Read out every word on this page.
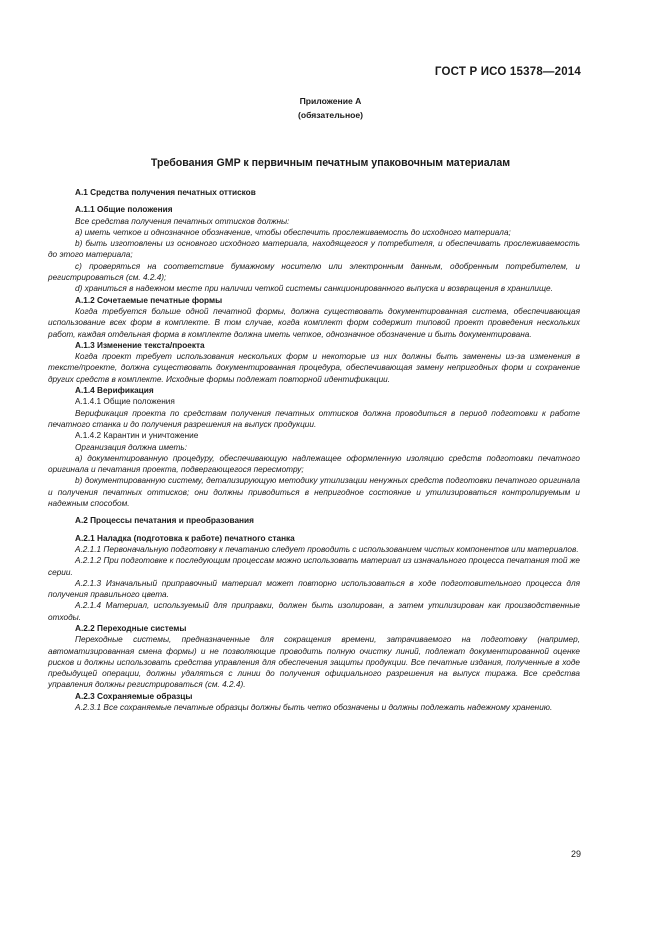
ГОСТ Р ИСО 15378—2014
Приложение А
(обязательное)
Требования GMP к первичным печатным упаковочным материалам

А.1 Средства получения печатных оттисков

А.1.1 Общие положения

Все средства получения печатных оттисков должны:

a) иметь четкое и однозначное обозначение, чтобы обеспечить прослеживаемость до исходного материала;

b) быть изготовлены из основного исходного материала, находящегося у потребителя, и обеспечивать прослеживаемость до этого материала;

c) проверяться на соответствие бумажному носителю или электронным данным, одобренным потребителем, и регистрироваться (см. 4.2.4);

d) храниться в надежном месте при наличии четкой системы санкционированного выпуска и возвращения в хранилище.

А.1.2 Сочетаемые печатные формы

Когда требуется больше одной печатной формы, должна существовать документированная система, обеспечивающая использование всех форм в комплекте. В том случае, когда комплект форм содержит типовой проект проведения нескольких работ, каждая отдельная форма в комплекте должна иметь четкое, однозначное обозначение и быть документирована.

А.1.3 Изменение текста/проекта

Когда проект требует использования нескольких форм и некоторые из них должны быть заменены из-за изменения в тексте/проекте, должна существовать документированная процедура, обеспечивающая замену непригодных форм и сохранение других средств в комплекте. Исходные формы подлежат повторной идентификации.

А.1.4 Верификация

А.1.4.1 Общие положения

Верификация проекта по средствам получения печатных оттисков должна проводиться в период подготовки к работе печатного станка и до получения разрешения на выпуск продукции.

А.1.4.2 Карантин и уничтожение

Организация должна иметь:

a) документированную процедуру, обеспечивающую надлежащее оформленную изоляцию средств подготовки печатного оригинала и печатания проекта, подвергающегося пересмотру;

b) документированную систему, детализирующую методику утилизации ненужных средств подготовки печатного оригинала и получения печатных оттисков; они должны приводиться в непригодное состояние и утилизироваться контролируемым и надежным способом.

А.2 Процессы печатания и преобразования

А.2.1 Наладка (подготовка к работе) печатного станка

А.2.1.1 Первоначальную подготовку к печатанию следует проводить с использованием чистых компонентов или материалов.

А.2.1.2 При подготовке к последующим процессам можно использовать материал из изначального процесса печатания той же серии.

А.2.1.3 Изначальный приправочный материал может повторно использоваться в ходе подготовительного процесса для получения правильного цвета.

А.2.1.4 Материал, используемый для приправки, должен быть изолирован, а затем утилизирован как производственные отходы.

А.2.2 Переходные системы

Переходные системы, предназначенные для сокращения времени, затрачиваемого на подготовку (например, автоматизированная смена формы) и не позволяющие проводить полную очистку линий, подлежат документированной оценке рисков и должны использовать средства управления для обеспечения защиты продукции. Все печатные издания, полученные в ходе предыдущей операции, должны удаляться с линии до получения официального разрешения на выпуск тиража. Все средства управления должны регистрироваться (см. 4.2.4).

А.2.3 Сохраняемые образцы

А.2.3.1 Все сохраняемые печатные образцы должны быть четко обозначены и должны подлежать надежному хранению.

29
